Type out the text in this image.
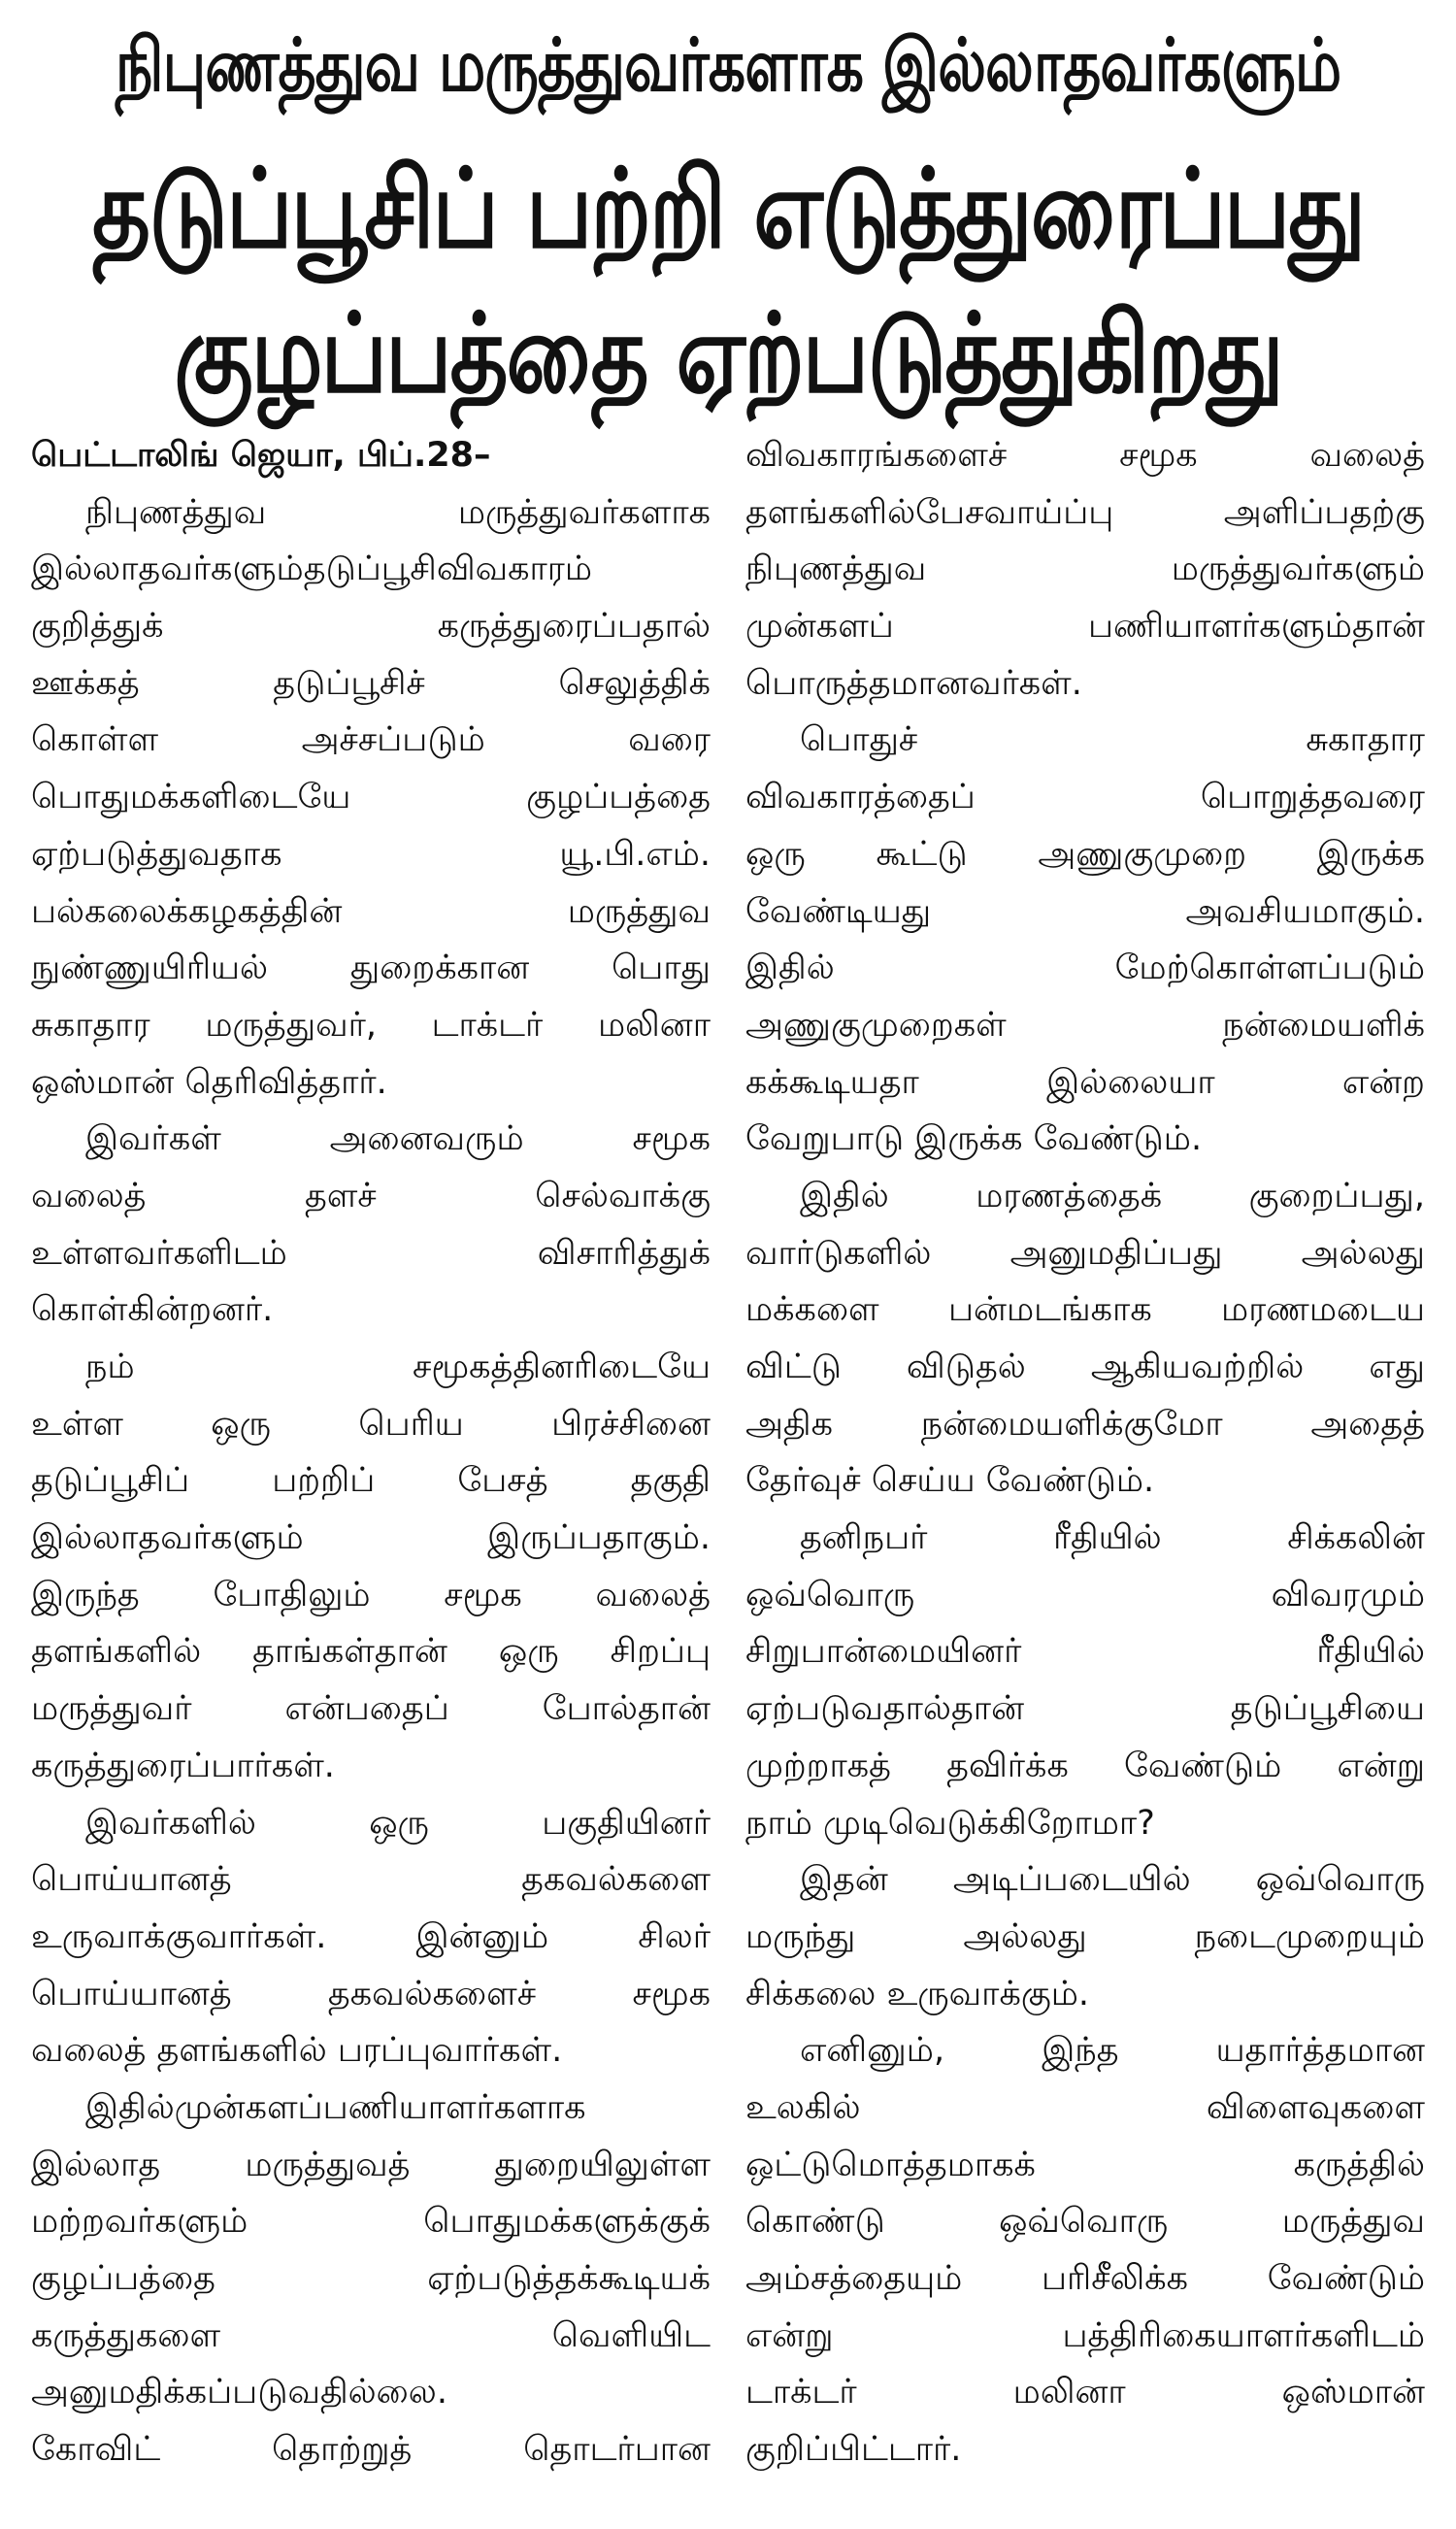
நிபுணத்துவ மருத்துவர்களாக இல்லாதவர்களும்
தடுப்பூசிப் பற்றி எடுத்துரைப்பது
குழப்பத்தை ஏற்படுத்துகிறது
பெட்டாலிங் ஜெயா, பிப்.28–
நிபுணத்துவ மருத்துவர்களாக
இல்லாதவர்களும்தடுப்பூசிவிவகாரம்
குறித்துக் கருத்துரைப்பதால்
ஊக்கத் தடுப்பூசிச் செலுத்திக்
கொள்ள அச்சப்படும் வரை
பொதுமக்களிடையே குழப்பத்தை
ஏற்படுத்துவதாக யூ.பி.எம்.
பல்கலைக்கழகத்தின் மருத்துவ
நுண்ணுயிரியல் துறைக்கான பொது
சுகாதார மருத்துவர், டாக்டர் மலினா
ஒஸ்மான் தெரிவித்தார்.
இவர்கள் அனைவரும் சமூக
வலைத் தளச் செல்வாக்கு
உள்ளவர்களிடம் விசாரித்துக்
கொள்கின்றனர்.
நம் சமூகத்தினரிடையே
உள்ள ஒரு பெரிய பிரச்சினை
தடுப்பூசிப் பற்றிப் பேசத் தகுதி
இல்லாதவர்களும் இருப்பதாகும்.
இருந்த போதிலும் சமூக வலைத்
தளங்களில் தாங்கள்தான் ஒரு சிறப்பு
மருத்துவர் என்பதைப் போல்தான்
கருத்துரைப்பார்கள்.
இவர்களில் ஒரு பகுதியினர்
பொய்யானத் தகவல்களை
உருவாக்குவார்கள். இன்னும் சிலர்
பொய்யானத் தகவல்களைச் சமூக
வலைத் தளங்களில் பரப்புவார்கள்.
இதில்முன்களப்பணியாளர்களாக
இல்லாத மருத்துவத் துறையிலுள்ள
மற்றவர்களும் பொதுமக்களுக்குக்
குழப்பத்தை ஏற்படுத்தக்கூடியக்
கருத்துகளை வெளியிட
அனுமதிக்கப்படுவதில்லை.
கோவிட் தொற்றுத் தொடர்பான
விவகாரங்களைச் சமூக வலைத்
தளங்களில்பேசவாய்ப்பு அளிப்பதற்கு
நிபுணத்துவ மருத்துவர்களும்
முன்களப் பணியாளர்களும்தான்
பொருத்தமானவர்கள்.
பொதுச் சுகாதார
விவகாரத்தைப் பொறுத்தவரை
ஒரு கூட்டு அணுகுமுறை இருக்க
வேண்டியது அவசியமாகும்.
இதில் மேற்கொள்ளப்படும்
அணுகுமுறைகள் நன்மையளிக்
கக்கூடியதா இல்லையா என்ற
வேறுபாடு இருக்க வேண்டும்.
இதில் மரணத்தைக் குறைப்பது,
வார்டுகளில் அனுமதிப்பது அல்லது
மக்களை பன்மடங்காக மரணமடைய
விட்டு விடுதல் ஆகியவற்றில் எது
அதிக நன்மையளிக்குமோ அதைத்
தேர்வுச் செய்ய வேண்டும்.
தனிநபர் ரீதியில் சிக்கலின்
ஒவ்வொரு விவரமும்
சிறுபான்மையினர் ரீதியில்
ஏற்படுவதால்தான் தடுப்பூசியை
முற்றாகத் தவிர்க்க வேண்டும் என்று
நாம் முடிவெடுக்கிறோமா?
இதன் அடிப்படையில் ஒவ்வொரு
மருந்து அல்லது நடைமுறையும்
சிக்கலை உருவாக்கும்.
எனினும், இந்த யதார்த்தமான
உலகில் விளைவுகளை
ஒட்டுமொத்தமாகக் கருத்தில்
கொண்டு ஒவ்வொரு மருத்துவ
அம்சத்தையும் பரிசீலிக்க வேண்டும்
என்று பத்திரிகையாளர்களிடம்
டாக்டர் மலினா ஒஸ்மான்
குறிப்பிட்டார்.
